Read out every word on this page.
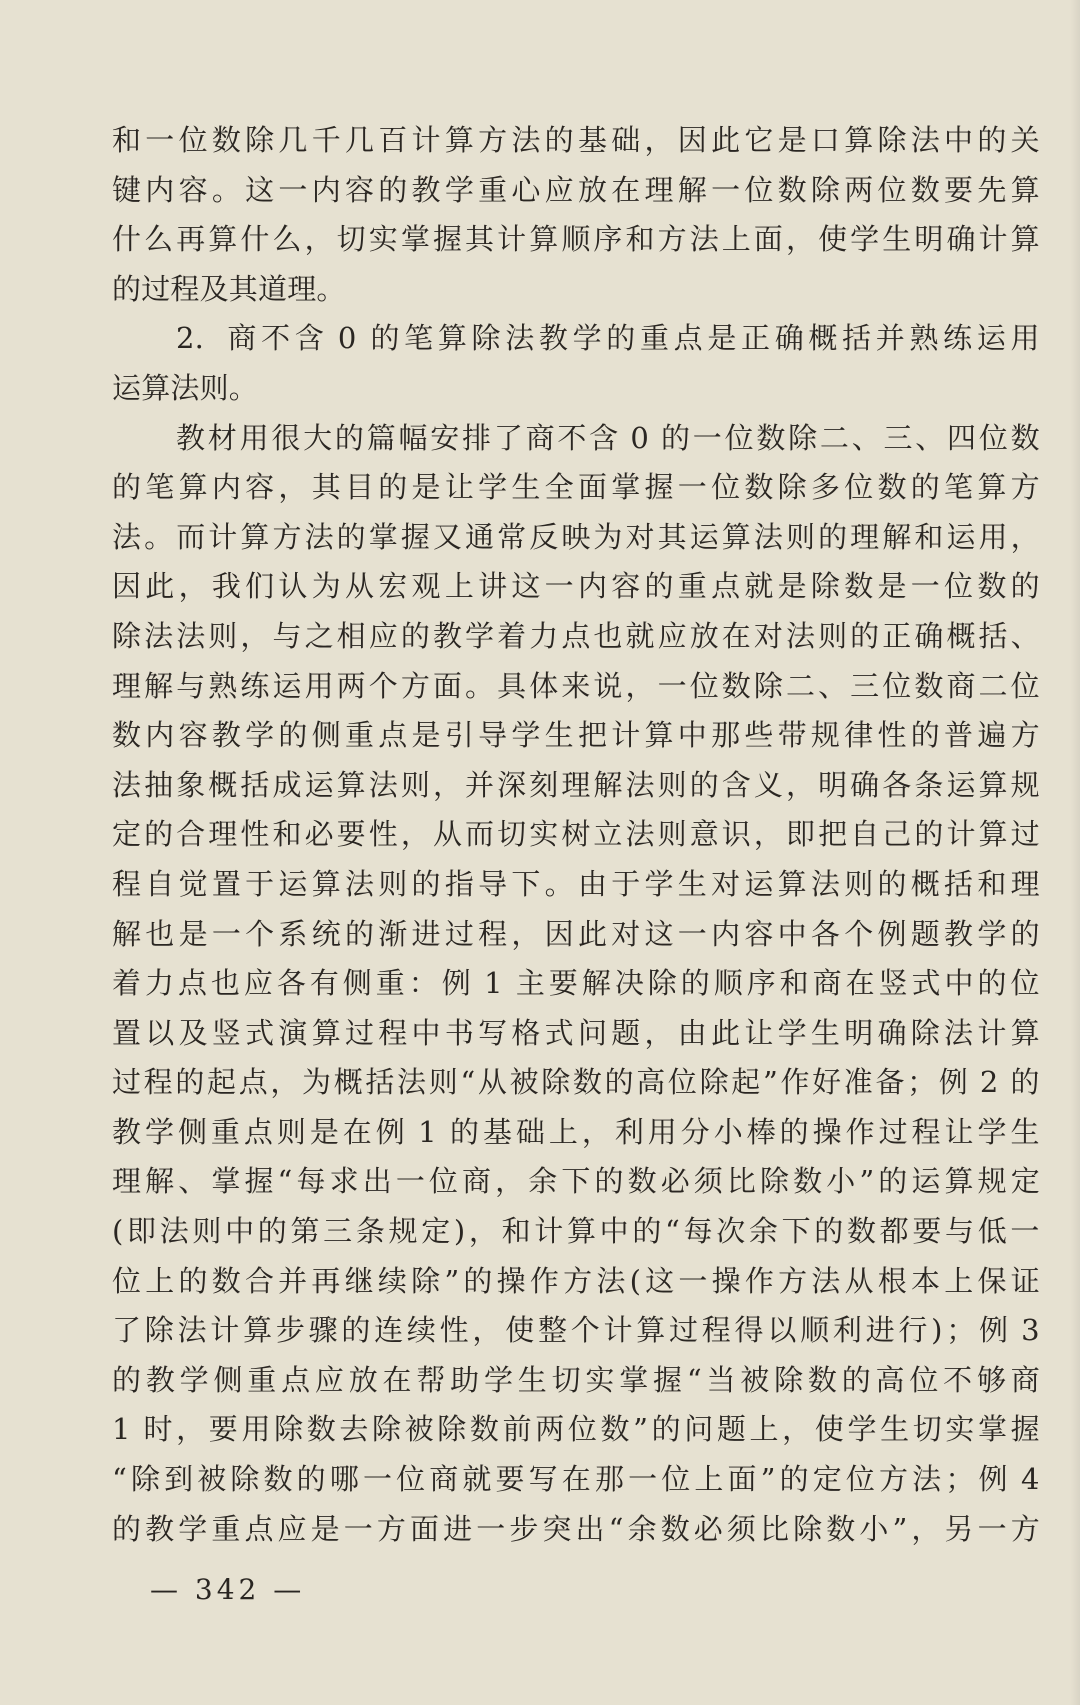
和 一 位 数 除 几 千 几 百 计 算 方 法 的 基 础 ， 因 此 它 是 口 算 除 法 中 的 关
键 内 容 。 这 一 内 容 的 教 学 重 心 应 放 在 理 解 一 位 数 除 两 位 数 要 先 算
什 么 再 算 什 么 ， 切 实 掌 握 其 计 算 顺 序 和 方 法 上 面 ， 使 学 生 明 确 计 算
的过程及其道理。
2. 商 不 含 0 的 笔 算 除 法 教 学 的 重 点 是 正 确 概 括 并 熟 练 运 用
运算法则。
教 材 用 很 大 的 篇 幅 安 排 了 商 不 含 0 的 一 位 数 除 二 、 三 、 四 位 数
的 笔 算 内 容 ， 其 目 的 是 让 学 生 全 面 掌 握 一 位 数 除 多 位 数 的 笔 算 方
法 。 而 计 算 方 法 的 掌 握 又 通 常 反 映 为 对 其 运 算 法 则 的 理 解 和 运 用 ，
因 此 ， 我 们 认 为 从 宏 观 上 讲 这 一 内 容 的 重 点 就 是 除 数 是 一 位 数 的
除 法 法 则 ， 与 之 相 应 的 教 学 着 力 点 也 就 应 放 在 对 法 则 的 正 确 概 括 、
理 解 与 熟 练 运 用 两 个 方 面 。 具 体 来 说 ， 一 位 数 除 二 、 三 位 数 商 二 位
数 内 容 教 学 的 侧 重 点 是 引 导 学 生 把 计 算 中 那 些 带 规 律 性 的 普 遍 方
法 抽 象 概 括 成 运 算 法 则 ， 并 深 刻 理 解 法 则 的 含 义 ， 明 确 各 条 运 算 规
定 的 合 理 性 和 必 要 性 ， 从 而 切 实 树 立 法 则 意 识 ， 即 把 自 己 的 计 算 过
程 自 觉 置 于 运 算 法 则 的 指 导 下 。 由 于 学 生 对 运 算 法 则 的 概 括 和 理
解 也 是 一 个 系 统 的 渐 进 过 程 ， 因 此 对 这 一 内 容 中 各 个 例 题 教 学 的
着 力 点 也 应 各 有 侧 重 ： 例 1 主 要 解 决 除 的 顺 序 和 商 在 竖 式 中 的 位
置 以 及 竖 式 演 算 过 程 中 书 写 格 式 问 题 ， 由 此 让 学 生 明 确 除 法 计 算
过 程 的 起 点 ， 为 概 括 法 则 “ 从 被 除 数 的 高 位 除 起 ” 作 好 准 备 ； 例 2 的
教 学 侧 重 点 则 是 在 例 1 的 基 础 上 ， 利 用 分 小 棒 的 操 作 过 程 让 学 生
理 解 、 掌 握 “ 每 求 出 一 位 商 ， 余 下 的 数 必 须 比 除 数 小 ” 的 运 算 规 定
( 即 法 则 中 的 第 三 条 规 定 ) ， 和 计 算 中 的 “ 每 次 余 下 的 数 都 要 与 低 一
位 上 的 数 合 并 再 继 续 除 ” 的 操 作 方 法 ( 这 一 操 作 方 法 从 根 本 上 保 证
了 除 法 计 算 步 骤 的 连 续 性 ， 使 整 个 计 算 过 程 得 以 顺 利 进 行 ) ； 例 3
的 教 学 侧 重 点 应 放 在 帮 助 学 生 切 实 掌 握 “ 当 被 除 数 的 高 位 不 够 商
1 时 ， 要 用 除 数 去 除 被 除 数 前 两 位 数 ” 的 问 题 上 ， 使 学 生 切 实 掌 握
“ 除 到 被 除 数 的 哪 一 位 商 就 要 写 在 那 一 位 上 面 ” 的 定 位 方 法 ； 例 4
的 教 学 重 点 应 是 一 方 面 进 一 步 突 出 “ 余 数 必 须 比 除 数 小 ” ， 另 一 方
— 342 —
